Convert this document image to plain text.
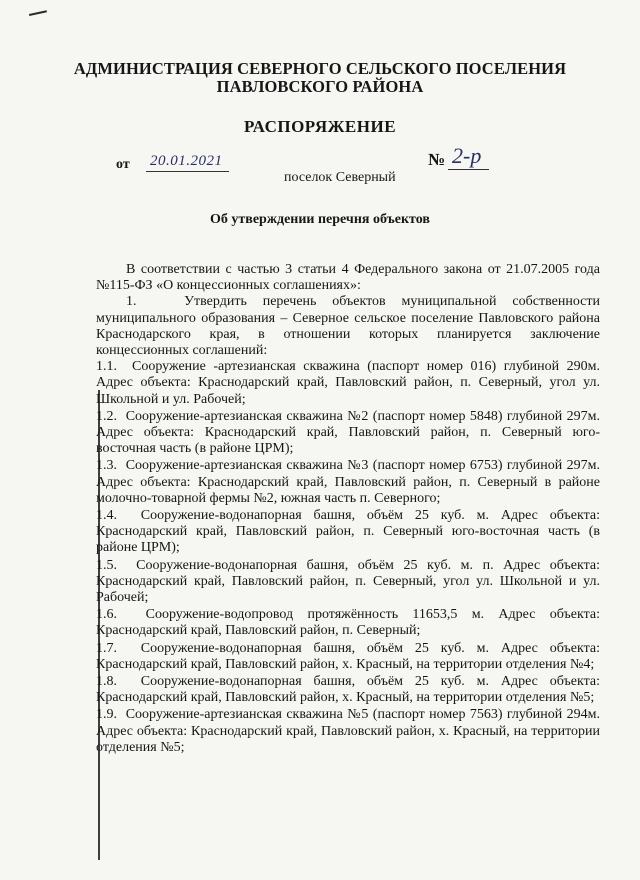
АДМИНИСТРАЦИЯ СЕВЕРНОГО СЕЛЬСКОГО ПОСЕЛЕНИЯ
ПАВЛОВСКОГО РАЙОНА
РАСПОРЯЖЕНИЕ
от 20.01.2021	№ 2-р
поселок Северный
Об утверждении перечня объектов

В соответствии с частью 3 статьи 4 Федерального закона от 21.07.2005 года №115-ФЗ «О концессионных соглашениях»:

1.	Утвердить перечень объектов муниципальной собственности муниципального образования – Северное сельское поселение Павловского района Краснодарского края, в отношении которых планируется заключение концессионных соглашений:

1.1. Сооружение -артезианская скважина (паспорт номер 016) глубиной 290м. Адрес объекта: Краснодарский край, Павловский район, п. Северный, угол ул. Школьной и ул. Рабочей;

1.2. Сооружение-артезианская скважина №2 (паспорт номер 5848) глубиной 297м. Адрес объекта: Краснодарский край, Павловский район, п. Северный юго-восточная часть (в районе ЦРМ);

1.3. Сооружение-артезианская скважина №3 (паспорт номер 6753) глубиной 297м. Адрес объекта: Краснодарский край, Павловский район, п. Северный в районе молочно-товарной фермы №2, южная часть п. Северного;

1.4. Сооружение-водонапорная башня, объём 25 куб. м. Адрес объекта: Краснодарский край, Павловский район, п. Северный юго-восточная часть (в районе ЦРМ);

1.5. Сооружение-водонапорная башня, объём 25 куб. м. п. Адрес объекта: Краснодарский край, Павловский район, п. Северный, угол ул. Школьной и ул. Рабочей;

1.6. Сооружение-водопровод протяжённость 11653,5 м. Адрес объекта: Краснодарский край, Павловский район, п. Северный;

1.7. Сооружение-водонапорная башня, объём 25 куб. м. Адрес объекта: Краснодарский край, Павловский район, х. Красный, на территории отделения №4;

1.8. Сооружение-водонапорная башня, объём 25 куб. м. Адрес объекта: Краснодарский край, Павловский район, х. Красный, на территории отделения №5;

1.9. Сооружение-артезианская скважина №5 (паспорт номер 7563) глубиной 294м. Адрес объекта: Краснодарский край, Павловский район, х. Красный, на территории отделения №5;
